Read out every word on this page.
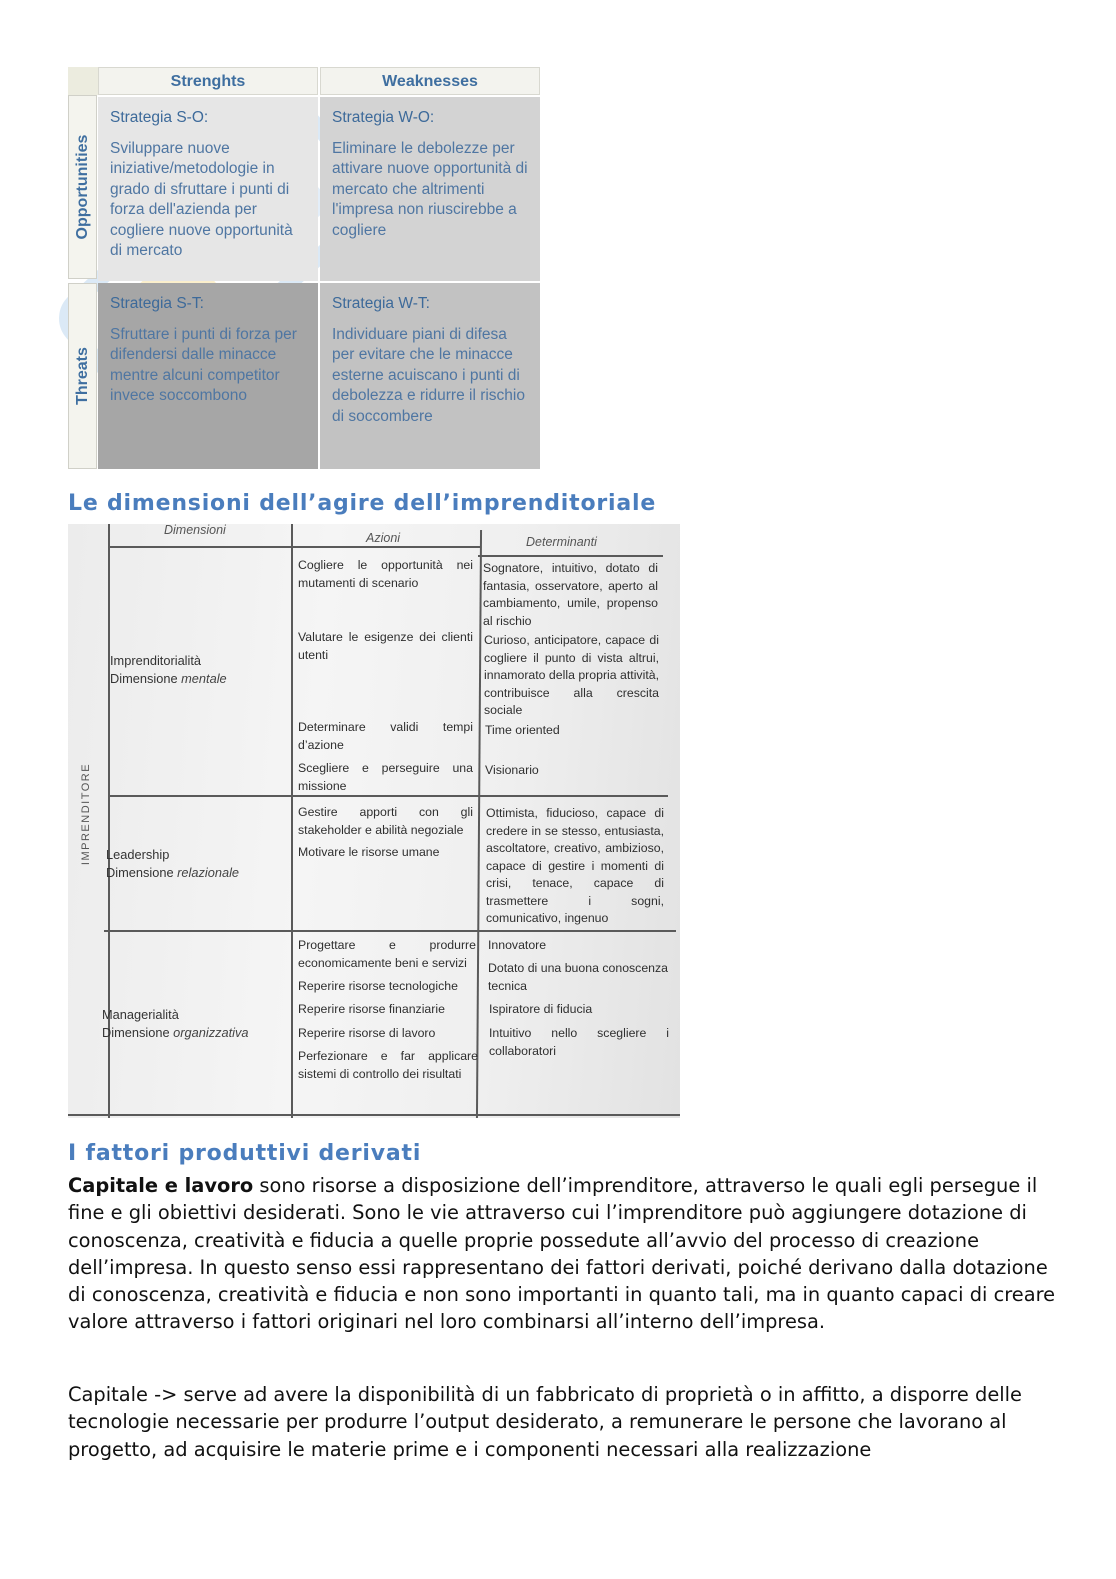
Strenghts	Weaknesses
Opportunities
Threats
Strategia S-O:
Sviluppare nuove iniziative/metodologie in grado di sfruttare i punti di forza dell'azienda per cogliere nuove opportunità di mercato
Strategia W-O:
Eliminare le debolezze per attivare nuove opportunità di mercato che altrimenti l'impresa non riuscirebbe a cogliere
Strategia S-T:
Sfruttare i punti di forza per difendersi dalle minacce mentre alcuni competitor invece soccombono
Strategia W-T:
Individuare piani di difesa per evitare che le minacce esterne acuiscano i punti di debolezza e ridurre il rischio di soccombere
Le dimensioni dell’agire dell’imprenditoriale
IMPRENDITORE
Dimensioni
Azioni	Determinanti
Imprenditorialità
Dimensione mentale
Cogliere le opportunità nei mutamenti di scenario
Sognatore, intuitivo, dotato di fantasia, osservatore, aperto al cambiamento, umile, propenso al rischio
Valutare le esigenze dei clienti utenti
Curioso, anticipatore, capace di cogliere il punto di vista altrui, innamorato della propria attività, contribuisce alla crescita sociale
Determinare validi tempi d’azione
Time oriented
Scegliere e perseguire una missione
Visionario
Leadership
Dimensione relazionale
Gestire apporti con gli stakeholder e abilità negoziale
Motivare le risorse umane
Ottimista, fiducioso, capace di credere in se stesso, entusiasta, ascoltatore, creativo, ambizioso, capace di gestire i momenti di crisi, tenace, capace di trasmettere i sogni, comunicativo, ingenuo
Managerialità
Dimensione organizzativa
Progettare e produrre economicamente beni e servizi
Reperire risorse tecnologiche
Reperire risorse finanziarie
Reperire risorse di lavoro
Perfezionare e far applicare sistemi di controllo dei risultati
Innovatore
Dotato di una buona conoscenza tecnica
Ispiratore di fiducia
Intuitivo nello scegliere i collaboratori
I fattori produttivi derivati

Capitale e lavoro sono risorse a disposizione dell’imprenditore, attraverso le quali egli persegue il fine e gli obiettivi desiderati. Sono le vie attraverso cui l’imprenditore può aggiungere dotazione di conoscenza, creatività e fiducia a quelle proprie possedute all’avvio del processo di creazione dell’impresa. In questo senso essi rappresentano dei fattori derivati, poiché derivano dalla dotazione di conoscenza, creatività e fiducia e non sono importanti in quanto tali, ma in quanto capaci di creare valore attraverso i fattori originari nel loro combinarsi all’interno dell’impresa.

Capitale -> serve ad avere la disponibilità di un fabbricato di proprietà o in affitto, a disporre delle tecnologie necessarie per produrre l’output desiderato, a remunerare le persone che lavorano al progetto, ad acquisire le materie prime e i componenti necessari alla realizzazione
